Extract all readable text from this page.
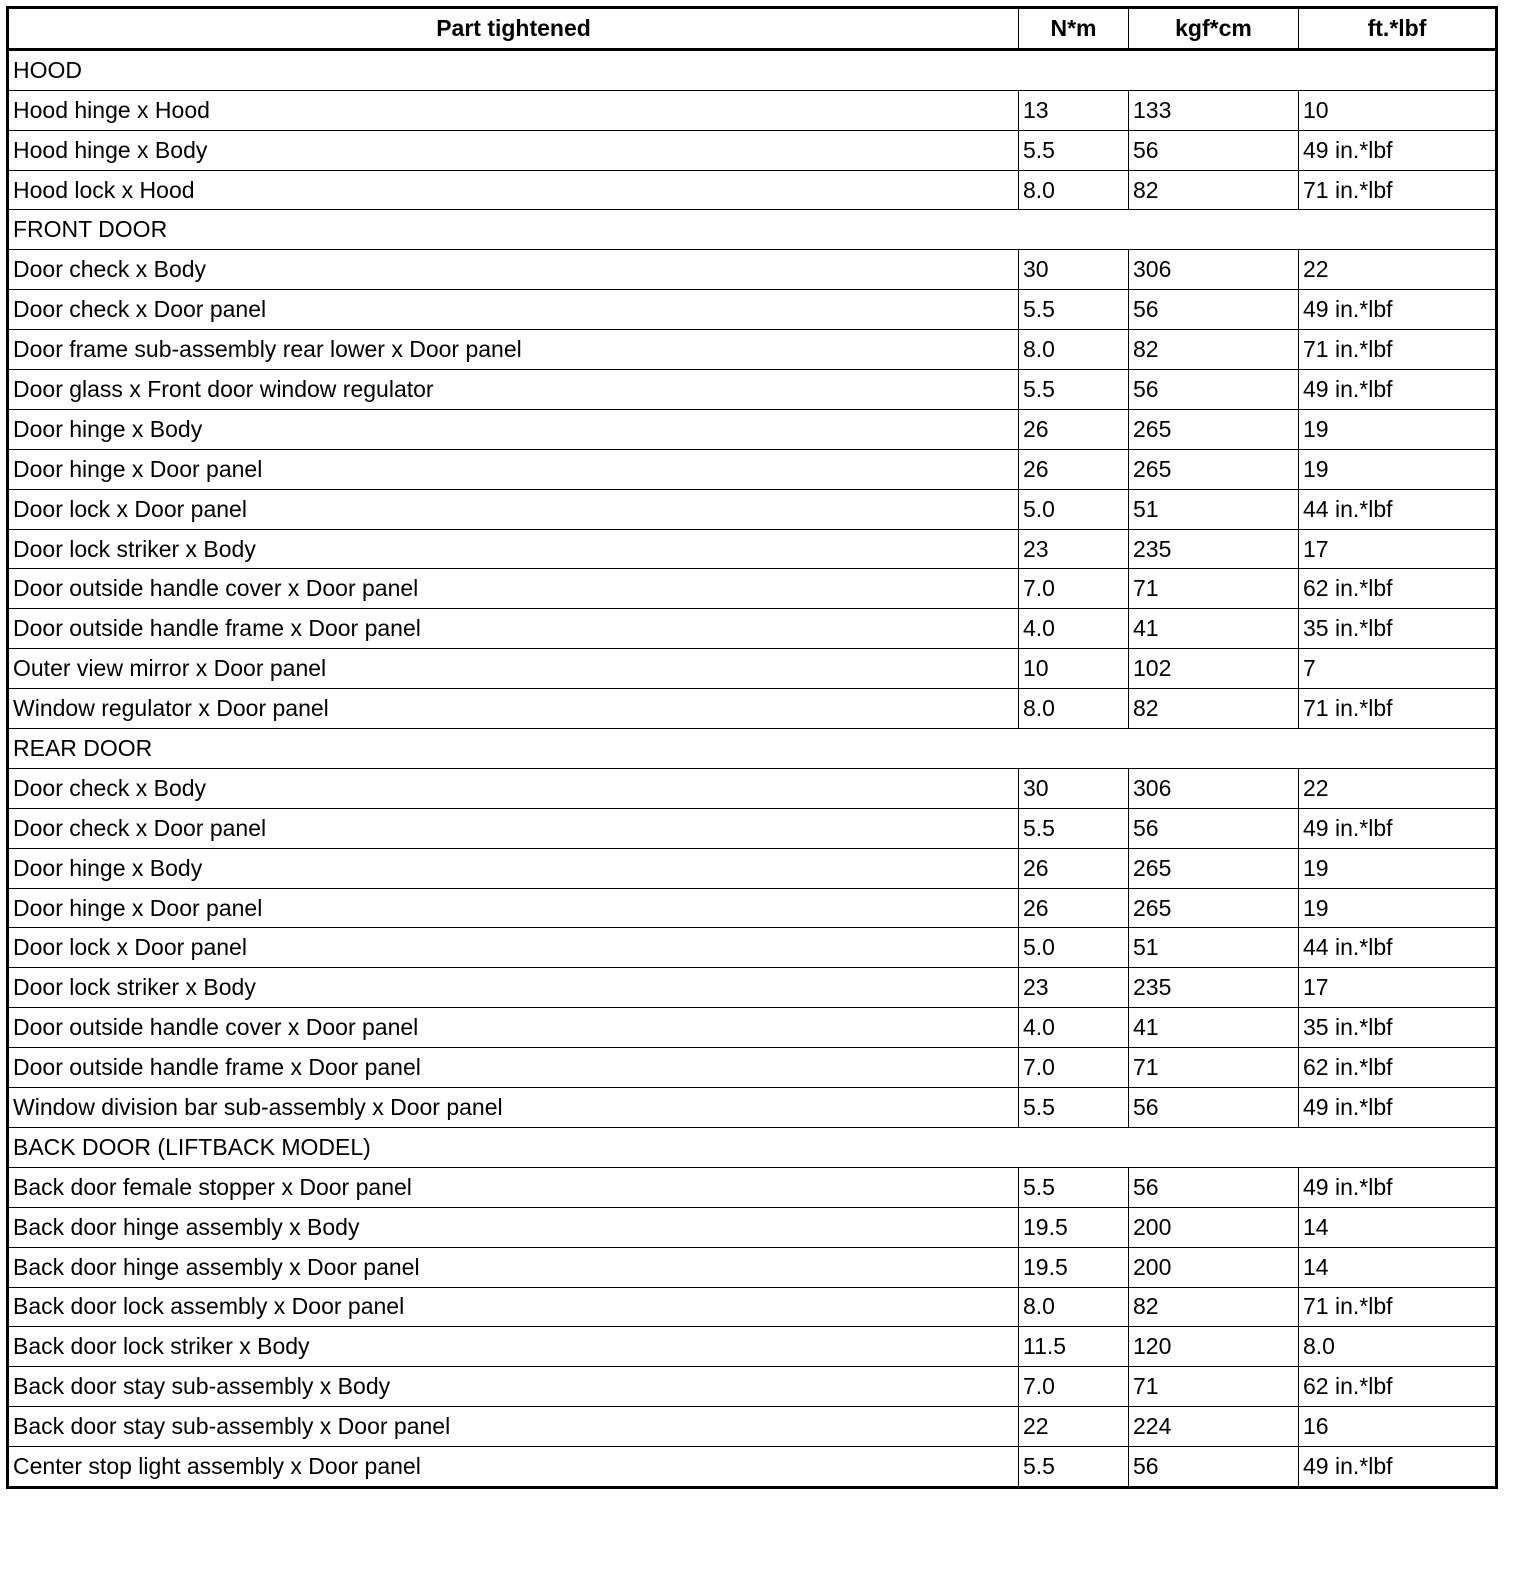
Part tightened	N*m	kgf*cm	ft.*lbf
HOOD			
Hood hinge x Hood	13	133	10
Hood hinge x Body	5.5	56	49 in.*lbf
Hood lock x Hood	8.0	82	71 in.*lbf
FRONT DOOR			
Door check x Body	30	306	22
Door check x Door panel	5.5	56	49 in.*lbf
Door frame sub-assembly rear lower x Door panel	8.0	82	71 in.*lbf
Door glass x Front door window regulator	5.5	56	49 in.*lbf
Door hinge x Body	26	265	19
Door hinge x Door panel	26	265	19
Door lock x Door panel	5.0	51	44 in.*lbf
Door lock striker x Body	23	235	17
Door outside handle cover x Door panel	7.0	71	62 in.*lbf
Door outside handle frame x Door panel	4.0	41	35 in.*lbf
Outer view mirror x Door panel	10	102	7
Window regulator x Door panel	8.0	82	71 in.*lbf
REAR DOOR			
Door check x Body	30	306	22
Door check x Door panel	5.5	56	49 in.*lbf
Door hinge x Body	26	265	19
Door hinge x Door panel	26	265	19
Door lock x Door panel	5.0	51	44 in.*lbf
Door lock striker x Body	23	235	17
Door outside handle cover x Door panel	4.0	41	35 in.*lbf
Door outside handle frame x Door panel	7.0	71	62 in.*lbf
Window division bar sub-assembly x Door panel	5.5	56	49 in.*lbf
BACK DOOR (LIFTBACK MODEL)			
Back door female stopper x Door panel	5.5	56	49 in.*lbf
Back door hinge assembly x Body	19.5	200	14
Back door hinge assembly x Door panel	19.5	200	14
Back door lock assembly x Door panel	8.0	82	71 in.*lbf
Back door lock striker x Body	11.5	120	8.0
Back door stay sub-assembly x Body	7.0	71	62 in.*lbf
Back door stay sub-assembly x Door panel	22	224	16
Center stop light assembly x Door panel	5.5	56	49 in.*lbf
